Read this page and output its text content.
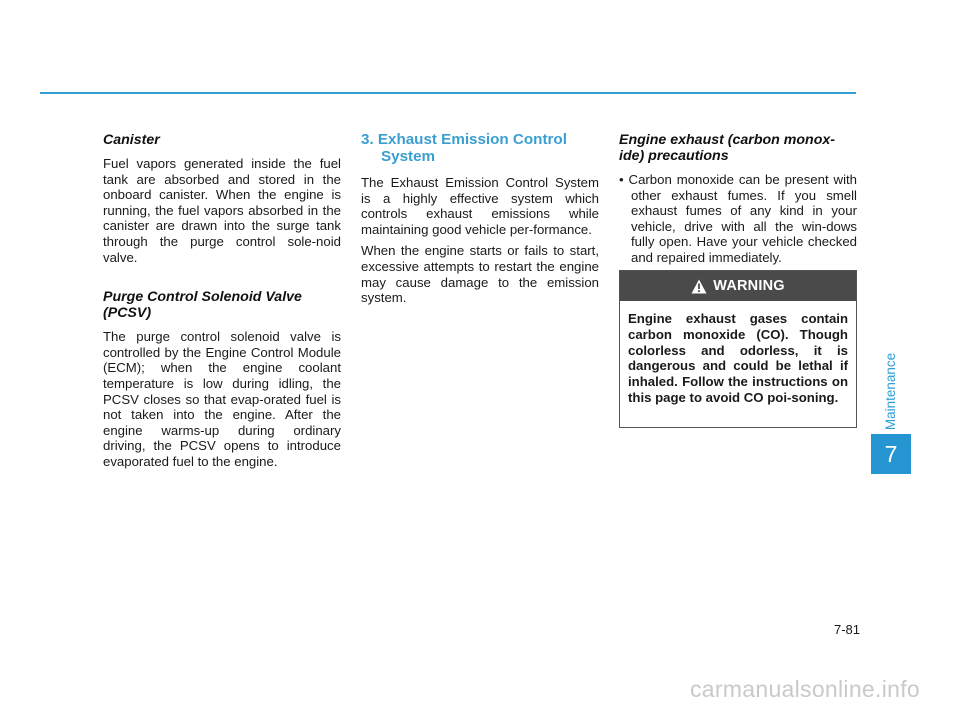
Canister

Fuel vapors generated inside the fuel tank are absorbed and stored in the onboard canister. When the engine is running, the fuel vapors absorbed in the canister are drawn into the surge tank through the purge control sole-noid valve.

Purge Control Solenoid Valve (PCSV)

The purge control solenoid valve is controlled by the Engine Control Module (ECM); when the engine coolant temperature is low during idling, the PCSV closes so that evap-orated fuel is not taken into the engine. After the engine warms-up during ordinary driving, the PCSV opens to introduce evaporated fuel to the engine.

3. Exhaust Emission Control System

The Exhaust Emission Control System is a highly effective system which controls exhaust emissions while maintaining good vehicle per-formance.

When the engine starts or fails to start, excessive attempts to restart the engine may cause damage to the emission system.

Engine exhaust (carbon monox-ide) precautions

• Carbon monoxide can be present with other exhaust fumes. If you smell exhaust fumes of any kind in your vehicle, drive with all the win-dows fully open. Have your vehicle checked and repaired immediately.

WARNING

Engine exhaust gases contain carbon monoxide (CO). Though colorless and odorless, it is dangerous and could be lethal if inhaled. Follow the instructions on this page to avoid CO poi-soning.	Maintenance
7
7-81
carmanualsonline.info
